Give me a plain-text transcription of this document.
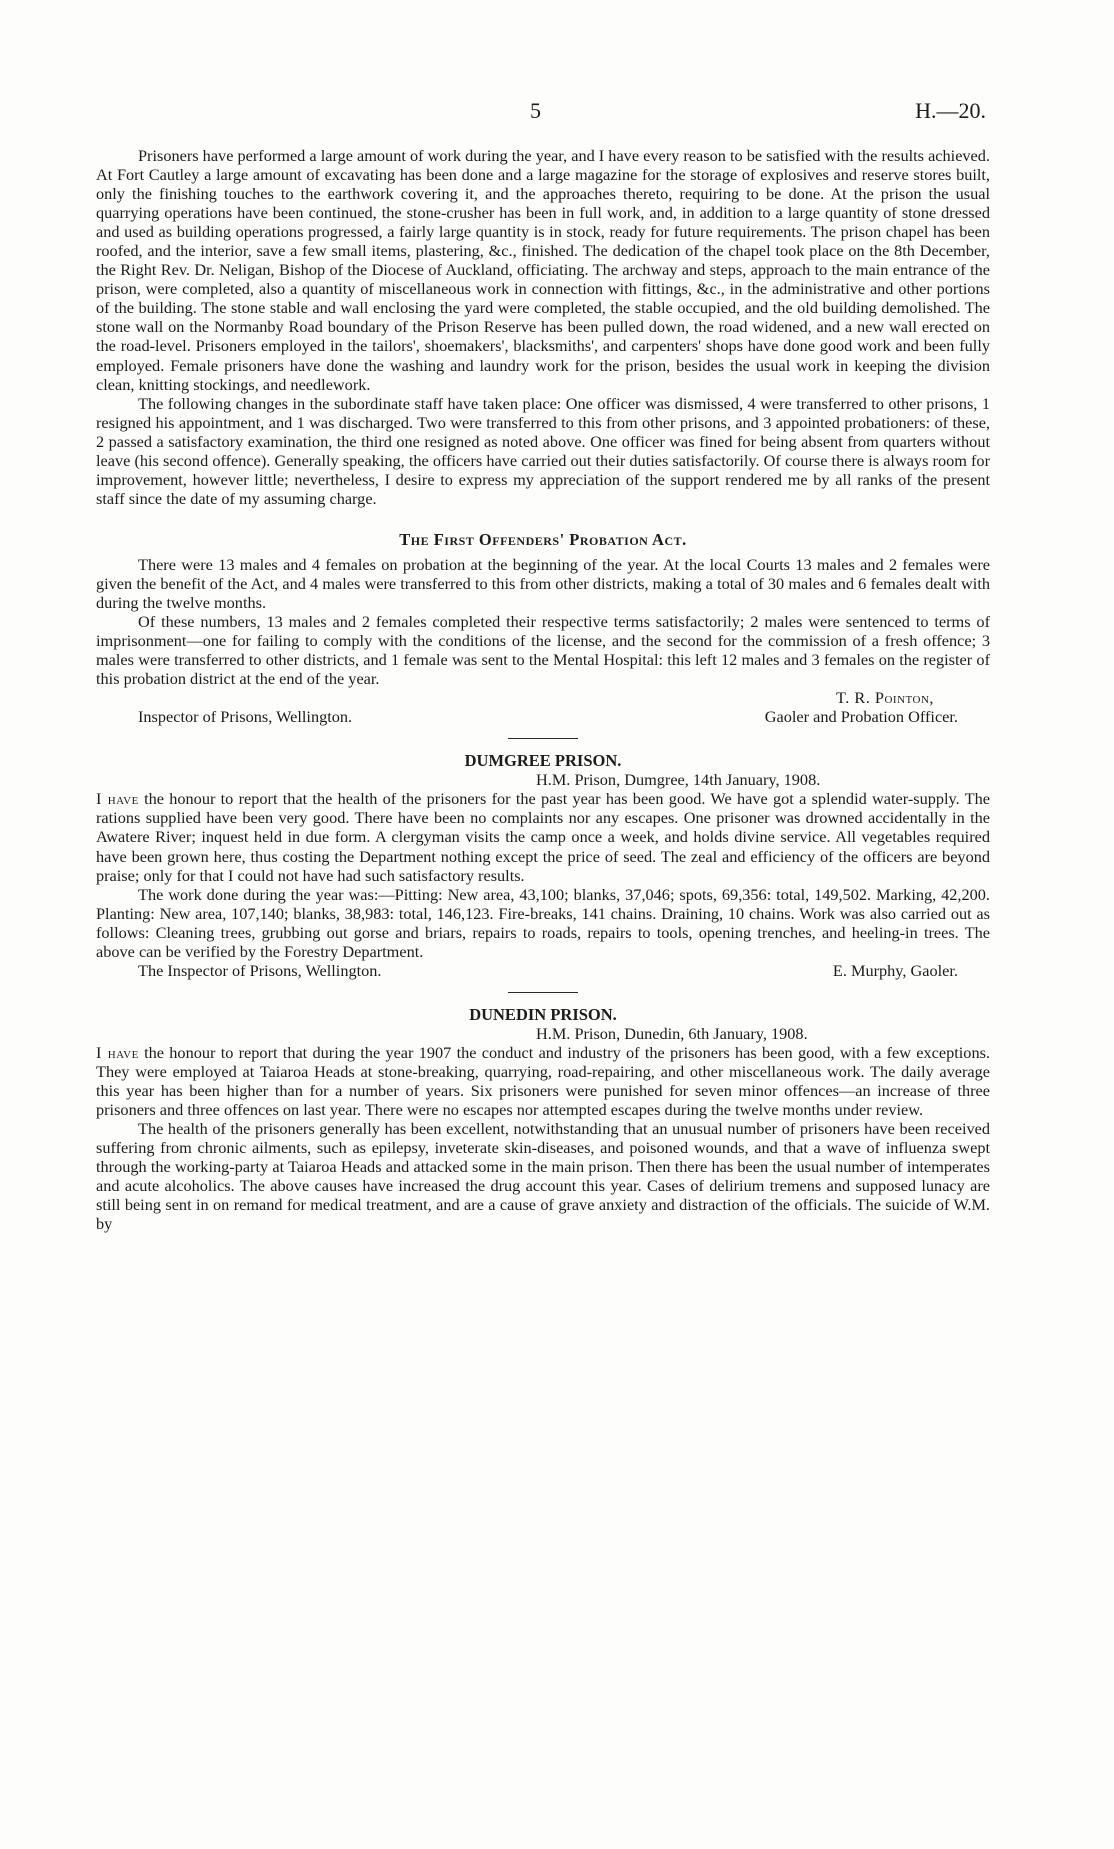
5	H.—20.

Prisoners have performed a large amount of work during the year, and I have every reason to be satisfied with the results achieved. At Fort Cautley a large amount of excavating has been done and a large magazine for the storage of explosives and reserve stores built, only the finishing touches to the earthwork covering it, and the approaches thereto, requiring to be done. At the prison the usual quarrying operations have been continued, the stone-crusher has been in full work, and, in addition to a large quantity of stone dressed and used as building operations progressed, a fairly large quantity is in stock, ready for future requirements. The prison chapel has been roofed, and the interior, save a few small items, plastering, &c., finished. The dedication of the chapel took place on the 8th December, the Right Rev. Dr. Neligan, Bishop of the Diocese of Auckland, officiating. The archway and steps, approach to the main entrance of the prison, were completed, also a quantity of miscellaneous work in connection with fittings, &c., in the administrative and other portions of the building. The stone stable and wall enclosing the yard were completed, the stable occupied, and the old building demolished. The stone wall on the Normanby Road boundary of the Prison Reserve has been pulled down, the road widened, and a new wall erected on the road-level. Prisoners employed in the tailors', shoemakers', blacksmiths', and carpenters' shops have done good work and been fully employed. Female prisoners have done the washing and laundry work for the prison, besides the usual work in keeping the division clean, knitting stockings, and needlework.

The following changes in the subordinate staff have taken place: One officer was dismissed, 4 were transferred to other prisons, 1 resigned his appointment, and 1 was discharged. Two were transferred to this from other prisons, and 3 appointed probationers: of these, 2 passed a satisfactory examination, the third one resigned as noted above. One officer was fined for being absent from quarters without leave (his second offence). Generally speaking, the officers have carried out their duties satisfactorily. Of course there is always room for improvement, however little; nevertheless, I desire to express my appreciation of the support rendered me by all ranks of the present staff since the date of my assuming charge.

The First Offenders' Probation Act.

There were 13 males and 4 females on probation at the beginning of the year. At the local Courts 13 males and 2 females were given the benefit of the Act, and 4 males were transferred to this from other districts, making a total of 30 males and 6 females dealt with during the twelve months.

Of these numbers, 13 males and 2 females completed their respective terms satisfactorily; 2 males were sentenced to terms of imprisonment—one for failing to comply with the conditions of the license, and the second for the commission of a fresh offence; 3 males were transferred to other districts, and 1 female was sent to the Mental Hospital: this left 12 males and 3 females on the register of this probation district at the end of the year.

T. R. Pointon,
Inspector of Prisons, Wellington.	Gaoler and Probation Officer.
DUMGREE PRISON.
H.M. Prison, Dumgree, 14th January, 1908.

I have the honour to report that the health of the prisoners for the past year has been good. We have got a splendid water-supply. The rations supplied have been very good. There have been no complaints nor any escapes. One prisoner was drowned accidentally in the Awatere River; inquest held in due form. A clergyman visits the camp once a week, and holds divine service. All vegetables required have been grown here, thus costing the Department nothing except the price of seed. The zeal and efficiency of the officers are beyond praise; only for that I could not have had such satisfactory results.

The work done during the year was:—Pitting: New area, 43,100; blanks, 37,046; spots, 69,356: total, 149,502. Marking, 42,200. Planting: New area, 107,140; blanks, 38,983: total, 146,123. Fire-breaks, 141 chains. Draining, 10 chains. Work was also carried out as follows: Cleaning trees, grubbing out gorse and briars, repairs to roads, repairs to tools, opening trenches, and heeling-in trees. The above can be verified by the Forestry Department.

The Inspector of Prisons, Wellington.	E. Murphy, Gaoler.
DUNEDIN PRISON.
H.M. Prison, Dunedin, 6th January, 1908.

I have the honour to report that during the year 1907 the conduct and industry of the prisoners has been good, with a few exceptions. They were employed at Taiaroa Heads at stone-breaking, quarrying, road-repairing, and other miscellaneous work. The daily average this year has been higher than for a number of years. Six prisoners were punished for seven minor offences—an increase of three prisoners and three offences on last year. There were no escapes nor attempted escapes during the twelve months under review.

The health of the prisoners generally has been excellent, notwithstanding that an unusual number of prisoners have been received suffering from chronic ailments, such as epilepsy, inveterate skin-diseases, and poisoned wounds, and that a wave of influenza swept through the working-party at Taiaroa Heads and attacked some in the main prison. Then there has been the usual number of intemperates and acute alcoholics. The above causes have increased the drug account this year. Cases of delirium tremens and supposed lunacy are still being sent in on remand for medical treatment, and are a cause of grave anxiety and distraction of the officials. The suicide of W.M. by
